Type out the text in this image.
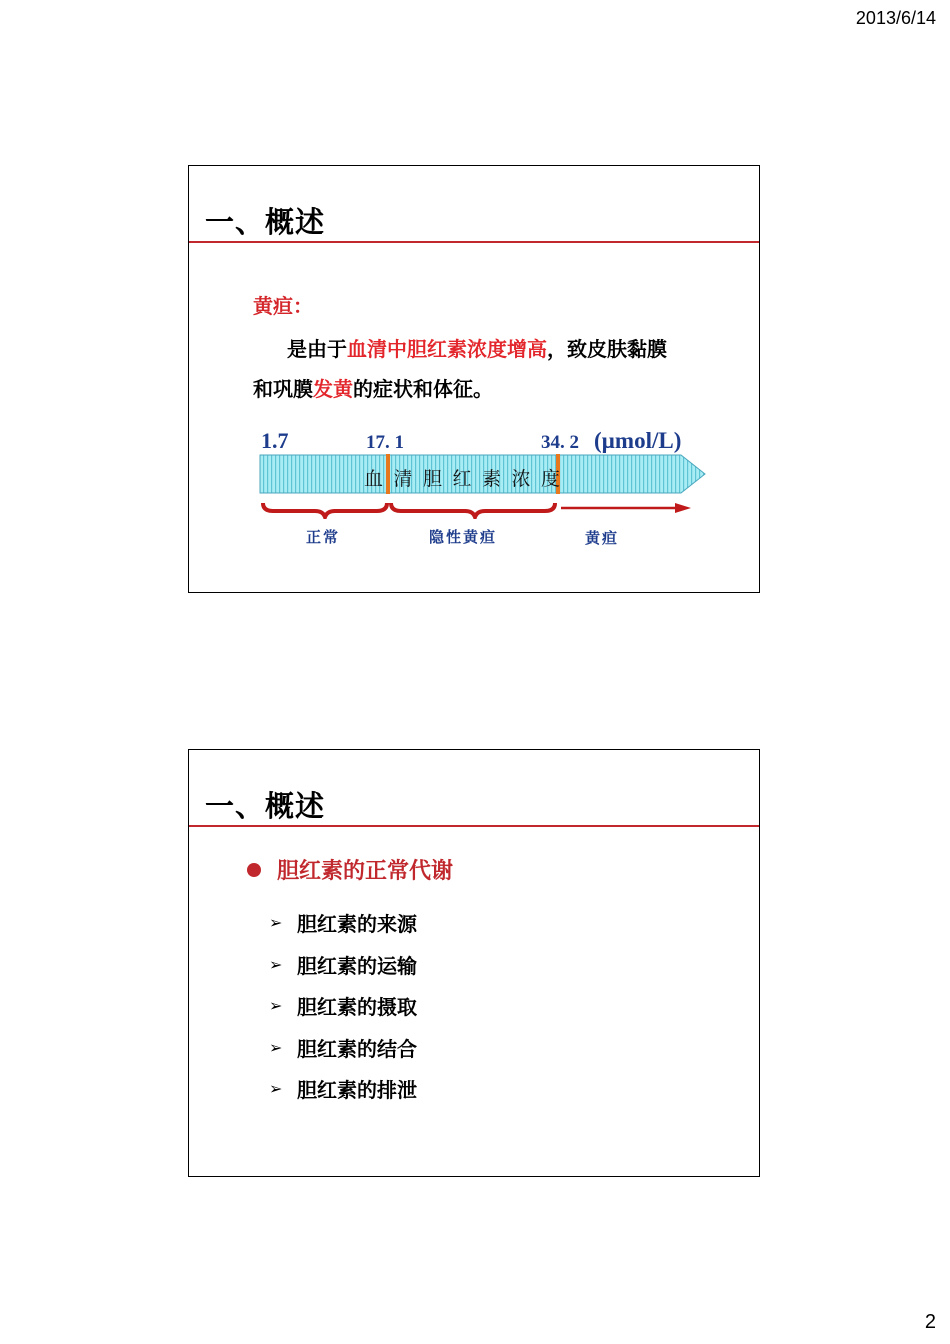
2013/6/14
一、概述
黄疸：
是由于血清中胆红素浓度增高，致皮肤黏膜
和巩膜发黄的症状和体征。
1.7	17. 1	34. 2 (µmol/L)
血清胆红素浓度
正常	隐性黄疸	黄疸
一、概述
胆红素的正常代谢
➢ 胆红素的来源
➢ 胆红素的运输
➢ 胆红素的摄取
➢ 胆红素的结合
➢ 胆红素的排泄
2
